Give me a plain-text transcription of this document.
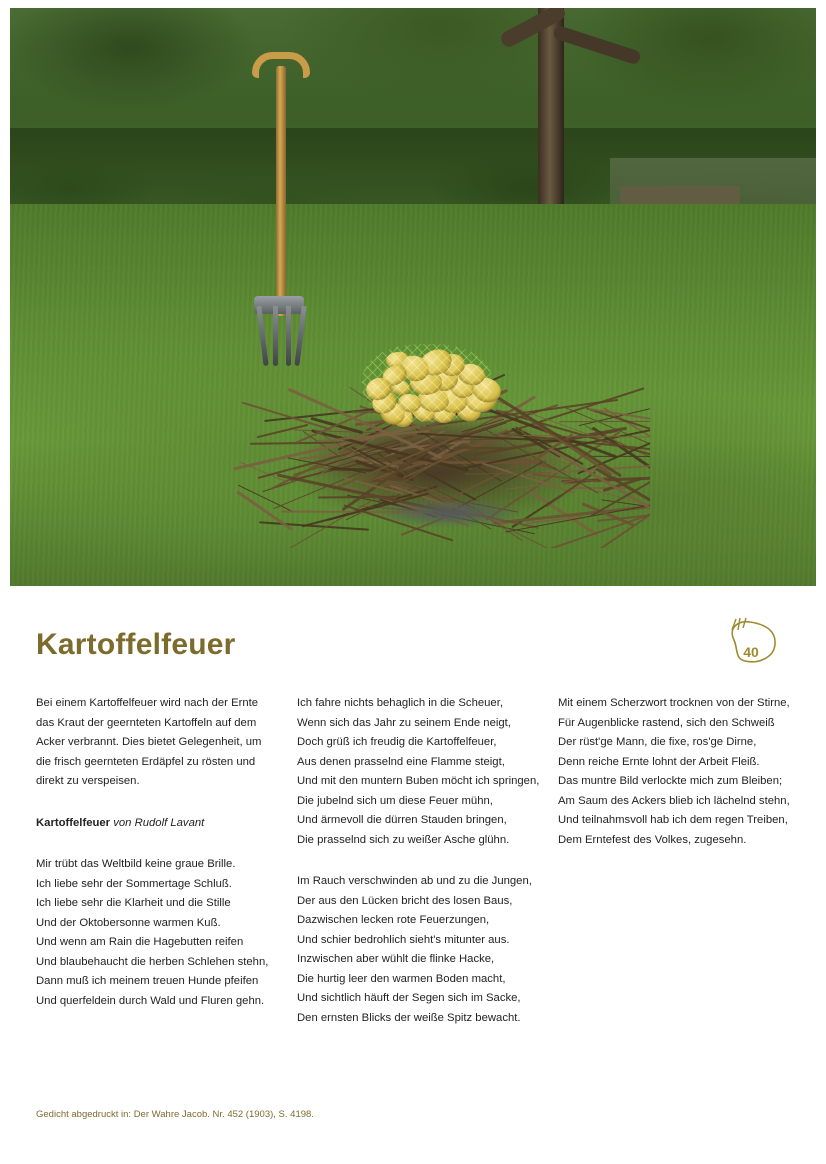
Kartoffelfeuer	40

Bei einem Kartoffelfeuer wird nach der Ernte das Kraut der geernteten Kartoffeln auf dem Acker verbrannt. Dies bietet Gelegenheit, um die frisch geernteten Erdäpfel zu rösten und direkt zu verspeisen.

Kartoffelfeuer von Rudolf Lavant
Mir trübt das Weltbild keine graue Brille.
Ich liebe sehr der Sommertage Schluß.
Ich liebe sehr die Klarheit und die Stille
Und der Oktobersonne warmen Kuß.
Und wenn am Rain die Hagebutten reifen
Und blaubehaucht die herben Schlehen stehn,
Dann muß ich meinem treuen Hunde pfeifen
Und querfeldein durch Wald und Fluren gehn.
Ich fahre nichts behaglich in die Scheuer,
Wenn sich das Jahr zu seinem Ende neigt,
Doch grüß ich freudig die Kartoffelfeuer,
Aus denen prasselnd eine Flamme steigt,
Und mit den muntern Buben möcht ich springen,
Die jubelnd sich um diese Feuer mühn,
Und ärmevoll die dürren Stauden bringen,
Die prasselnd sich zu weißer Asche glühn.
Im Rauch verschwinden ab und zu die Jungen,
Der aus den Lücken bricht des losen Baus,
Dazwischen lecken rote Feuerzungen,
Und schier bedrohlich sieht's mitunter aus.
Inzwischen aber wühlt die flinke Hacke,
Die hurtig leer den warmen Boden macht,
Und sichtlich häuft der Segen sich im Sacke,
Den ernsten Blicks der weiße Spitz bewacht.
Mit einem Scherzwort trocknen von der Stirne,
Für Augenblicke rastend, sich den Schweiß
Der rüst'ge Mann, die fixe, ros'ge Dirne,
Denn reiche Ernte lohnt der Arbeit Fleiß.
Das muntre Bild verlockte mich zum Bleiben;
Am Saum des Ackers blieb ich lächelnd stehn,
Und teilnahmsvoll hab ich dem regen Treiben,
Dem Erntefest des Volkes, zugesehn.
Gedicht abgedruckt in: Der Wahre Jacob. Nr. 452 (1903), S. 4198.
